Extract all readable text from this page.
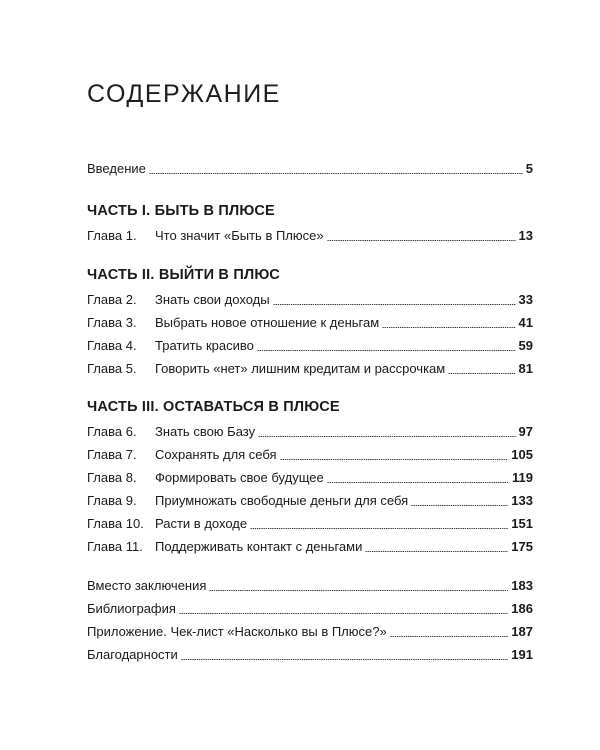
СОДЕРЖАНИЕ
Введение	5
ЧАСТЬ I. БЫТЬ В ПЛЮСЕ
Глава 1.	Что значит «Быть в Плюсе»	13
ЧАСТЬ II. ВЫЙТИ В ПЛЮС
Глава 2.	Знать свои доходы	33
Глава 3.	Выбрать новое отношение к деньгам	41
Глава 4.	Тратить красиво	59
Глава 5.	Говорить «нет» лишним кредитам и рассрочкам	81
ЧАСТЬ III. ОСТАВАТЬСЯ В ПЛЮСЕ
Глава 6.	Знать свою Базу	97
Глава 7.	Сохранять для себя	105
Глава 8.	Формировать свое будущее	119
Глава 9.	Приумножать свободные деньги для себя	133
Глава 10. Расти в доходе	151
Глава 11. Поддерживать контакт с деньгами	175
Вместо заключения	183
Библиография	186
Приложение. Чек-лист «Насколько вы в Плюсе?»	187
Благодарности	191
